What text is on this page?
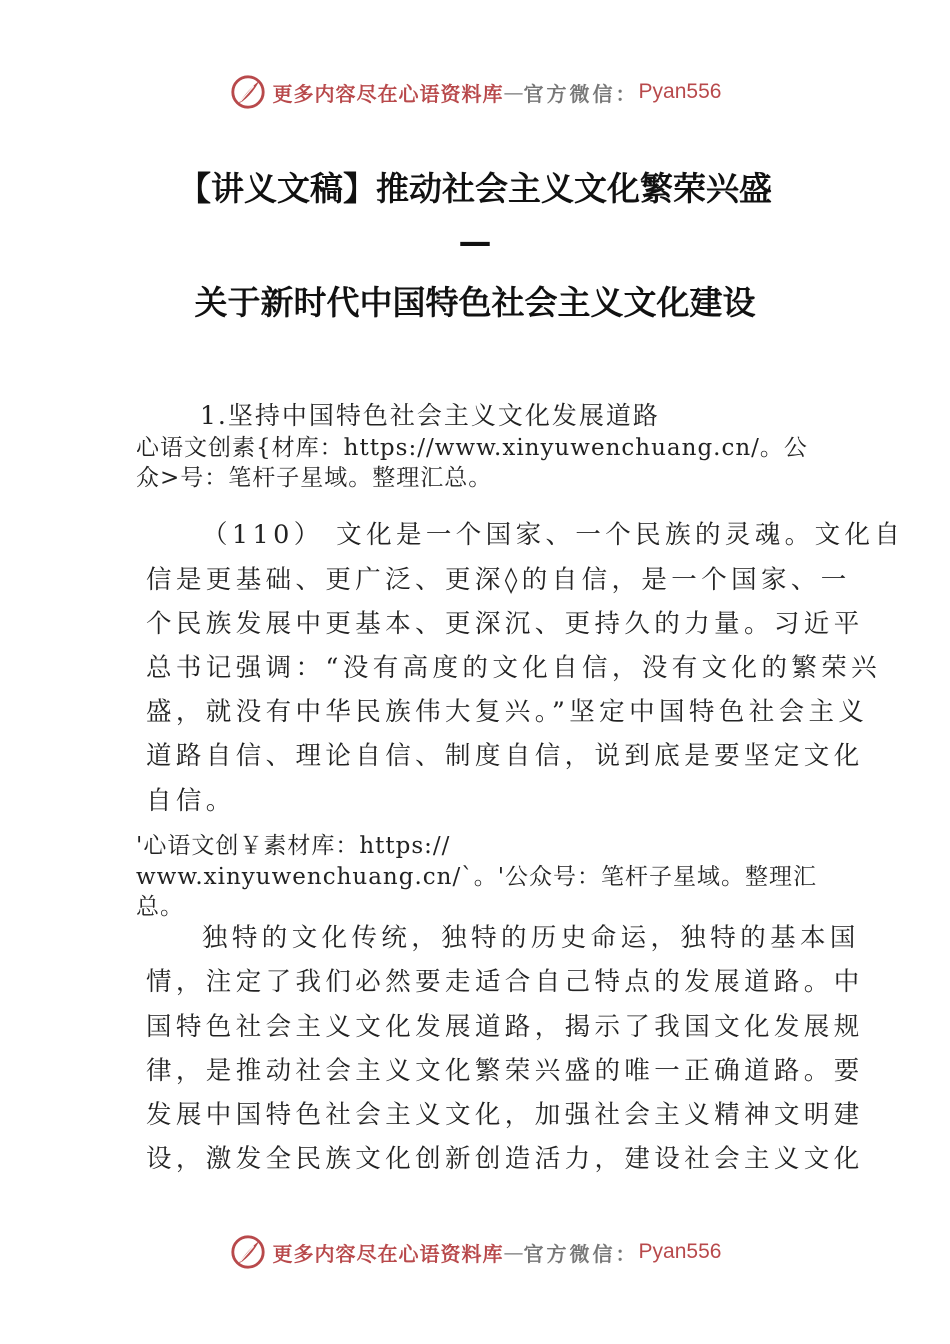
更多内容尽在心语资料库 — 官方微信： Pyan556
【讲义文稿】推动社会主义文化繁荣兴盛
—
关于新时代中国特色社会主义文化建设
1.坚持中国特色社会主义文化发展道路
心语文创素{材库：https://www.xinyuwenchuang.cn/。公
众>号：笔杆子星域。整理汇总。
（110） 文化是一个国家、一个民族的灵魂。文化自
信是更基础、更广泛、更深◊的自信，是一个国家、一
个民族发展中更基本、更深沉、更持久的力量。习近平
总书记强调：“没有高度的文化自信，没有文化的繁荣兴
盛，就没有中华民族伟大复兴。”坚定中国特色社会主义
道路自信、理论自信、制度自信，说到底是要坚定文化
自信。
'心语文创￥素材库：https://
www.xinyuwenchuang.cn/`。'公众号：笔杆子星域。整理汇
总。
独特的文化传统，独特的历史命运，独特的基本国
情，注定了我们必然要走适合自己特点的发展道路。中
国特色社会主义文化发展道路，揭示了我国文化发展规
律，是推动社会主义文化繁荣兴盛的唯一正确道路。要
发展中国特色社会主义文化，加强社会主义精神文明建
设，激发全民族文化创新创造活力，建设社会主义文化
更多内容尽在心语资料库 — 官方微信： Pyan556
